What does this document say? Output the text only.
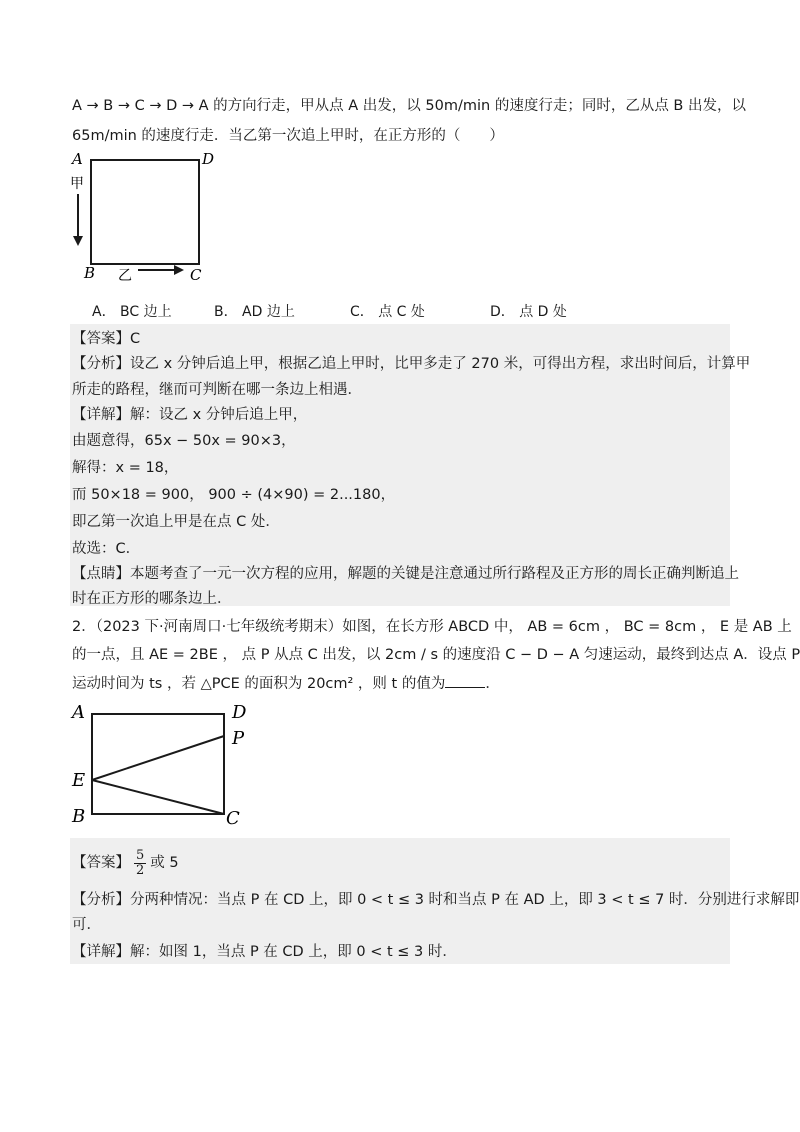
A → B → C → D → A 的方向行走，甲从点 A 出发，以 50m/min 的速度行走；同时，乙从点 B 出发，以
65m/min 的速度行走．当乙第一次追上甲时，在正方形的（　　）
A	D
B	C
甲
乙
A． BC 边上	B． AD 边上	C． 点 C 处	D． 点 D 处
【答案】C
【分析】设乙 x 分钟后追上甲，根据乙追上甲时，比甲多走了 270 米，可得出方程，求出时间后，计算甲
所走的路程，继而可判断在哪一条边上相遇．
【详解】解：设乙 x 分钟后追上甲，
由题意得，65x − 50x = 90×3，
解得：x = 18，
而 50×18 = 900， 900 ÷ (4×90) = 2...180，
即乙第一次追上甲是在点 C 处．
故选：C．
【点睛】本题考查了一元一次方程的应用，解题的关键是注意通过所行路程及正方形的周长正确判断追上
时在正方形的哪条边上．
2．（2023 下·河南周口·七年级统考期末）如图，在长方形 ABCD 中， AB = 6cm ， BC = 8cm ， E 是 AB 上
的一点，且 AE = 2BE ， 点 P 从点 C 出发，以 2cm / s 的速度沿 C − D − A 匀速运动，最终到达点 A．设点 P
运动时间为 ts ，若 △PCE 的面积为 20cm² ，则 t 的值为	．
A	D
P
E
B	C
【答案】 $\frac{5}{2}$ 或 5
【分析】分两种情况：当点 P 在 CD 上，即 0 < t ≤ 3 时和当点 P 在 AD 上，即 3 < t ≤ 7 时．分别进行求解即
可．
【详解】解：如图 1，当点 P 在 CD 上，即 0 < t ≤ 3 时．
